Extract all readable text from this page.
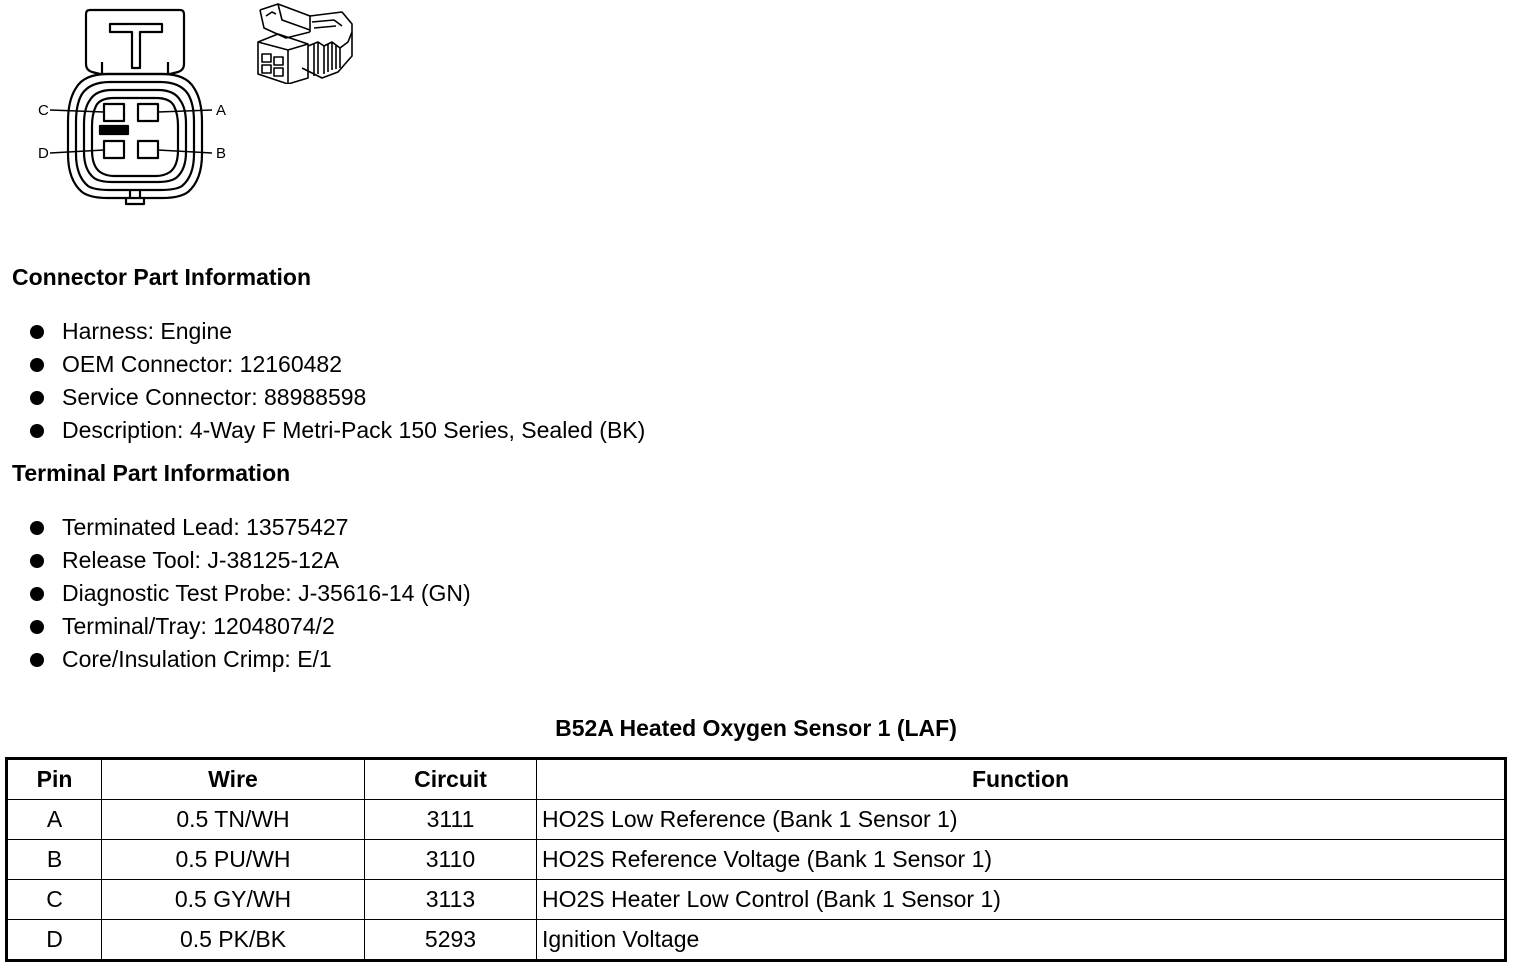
C	A
D	B
Connector Part Information
Harness: Engine
OEM Connector: 12160482
Service Connector: 88988598
Description: 4-Way F Metri-Pack 150 Series, Sealed (BK)
Terminal Part Information
Terminated Lead: 13575427
Release Tool: J-38125-12A
Diagnostic Test Probe: J-35616-14 (GN)
Terminal/Tray: 12048074/2
Core/Insulation Crimp: E/1
B52A Heated Oxygen Sensor 1 (LAF)
Pin	Wire	Circuit	Function
A	0.5 TN/WH	3111	HO2S Low Reference (Bank 1 Sensor 1)
B	0.5 PU/WH	3110	HO2S Reference Voltage (Bank 1 Sensor 1)
C	0.5 GY/WH	3113	HO2S Heater Low Control (Bank 1 Sensor 1)
D	0.5 PK/BK	5293	Ignition Voltage
